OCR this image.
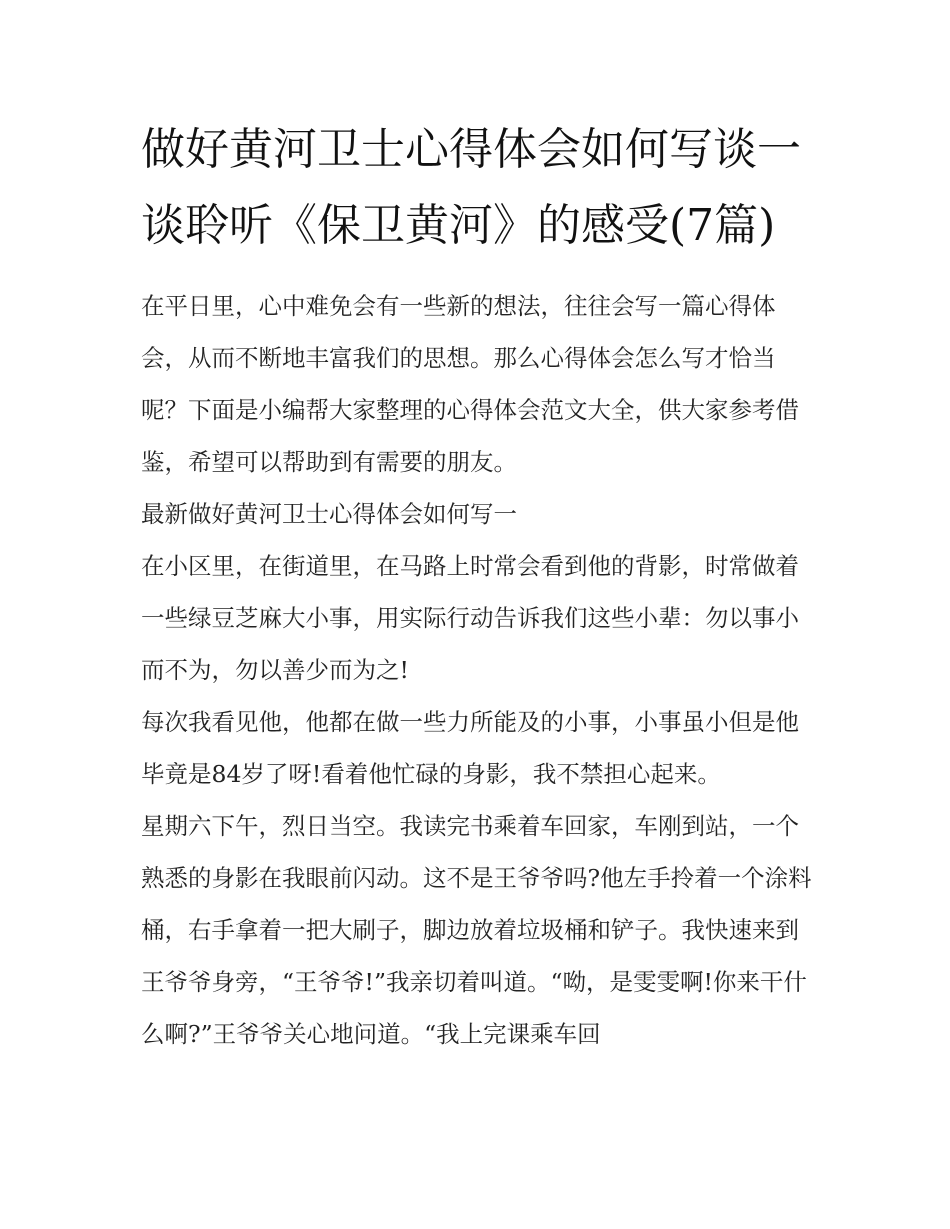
做好黄河卫士心得体会如何写谈一谈聆听《保卫黄河》的感受(7篇)

在平日里，心中难免会有一些新的想法，往往会写一篇心得体会，从而不断地丰富我们的思想。那么心得体会怎么写才恰当呢？下面是小编帮大家整理的心得体会范文大全，供大家参考借鉴，希望可以帮助到有需要的朋友。

最新做好黄河卫士心得体会如何写一

在小区里，在街道里，在马路上时常会看到他的背影，时常做着一些绿豆芝麻大小事，用实际行动告诉我们这些小辈：勿以事小而不为，勿以善少而为之!

每次我看见他，他都在做一些力所能及的小事，小事虽小但是他毕竟是84岁了呀!看着他忙碌的身影，我不禁担心起来。

星期六下午，烈日当空。我读完书乘着车回家，车刚到站，一个熟悉的身影在我眼前闪动。这不是王爷爷吗?他左手拎着一个涂料桶，右手拿着一把大刷子，脚边放着垃圾桶和铲子。我快速来到王爷爷身旁，“王爷爷!”我亲切着叫道。“呦，是雯雯啊!你来干什么啊?”王爷爷关心地问道。“我上完课乘车回
